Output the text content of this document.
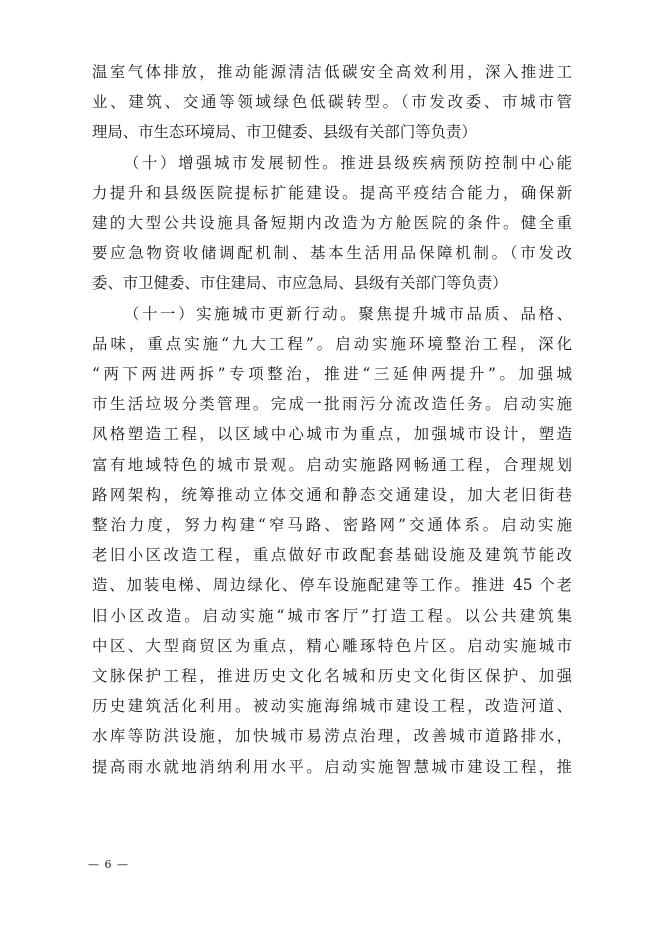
温室气体排放，推动能源清洁低碳安全高效利用，深入推进工
业、建筑、交通等领域绿色低碳转型。（市发改委、市城市管
理局、市生态环境局、市卫健委、县级有关部门等负责）
（十）增强城市发展韧性。推进县级疾病预防控制中心能
力提升和县级医院提标扩能建设。提高平疫结合能力，确保新
建的大型公共设施具备短期内改造为方舱医院的条件。健全重
要应急物资收储调配机制、基本生活用品保障机制。（市发改
委、市卫健委、市住建局、市应急局、县级有关部门等负责）
（十一）实施城市更新行动。聚焦提升城市品质、品格、
品味，重点实施“九大工程”。启动实施环境整治工程，深化
“两下两进两拆”专项整治，推进“三延伸两提升”。加强城
市生活垃圾分类管理。完成一批雨污分流改造任务。启动实施
风格塑造工程，以区域中心城市为重点，加强城市设计，塑造
富有地域特色的城市景观。启动实施路网畅通工程，合理规划
路网架构，统筹推动立体交通和静态交通建设，加大老旧街巷
整治力度，努力构建“窄马路、密路网”交通体系。启动实施
老旧小区改造工程，重点做好市政配套基础设施及建筑节能改
造、加装电梯、周边绿化、停车设施配建等工作。推进 45 个老
旧小区改造。启动实施“城市客厅”打造工程。以公共建筑集
中区、大型商贸区为重点，精心雕琢特色片区。启动实施城市
文脉保护工程，推进历史文化名城和历史文化街区保护、加强
历史建筑活化利用。被动实施海绵城市建设工程，改造河道、
水库等防洪设施，加快城市易涝点治理，改善城市道路排水，
提高雨水就地消纳利用水平。启动实施智慧城市建设工程，推
— 6 —
